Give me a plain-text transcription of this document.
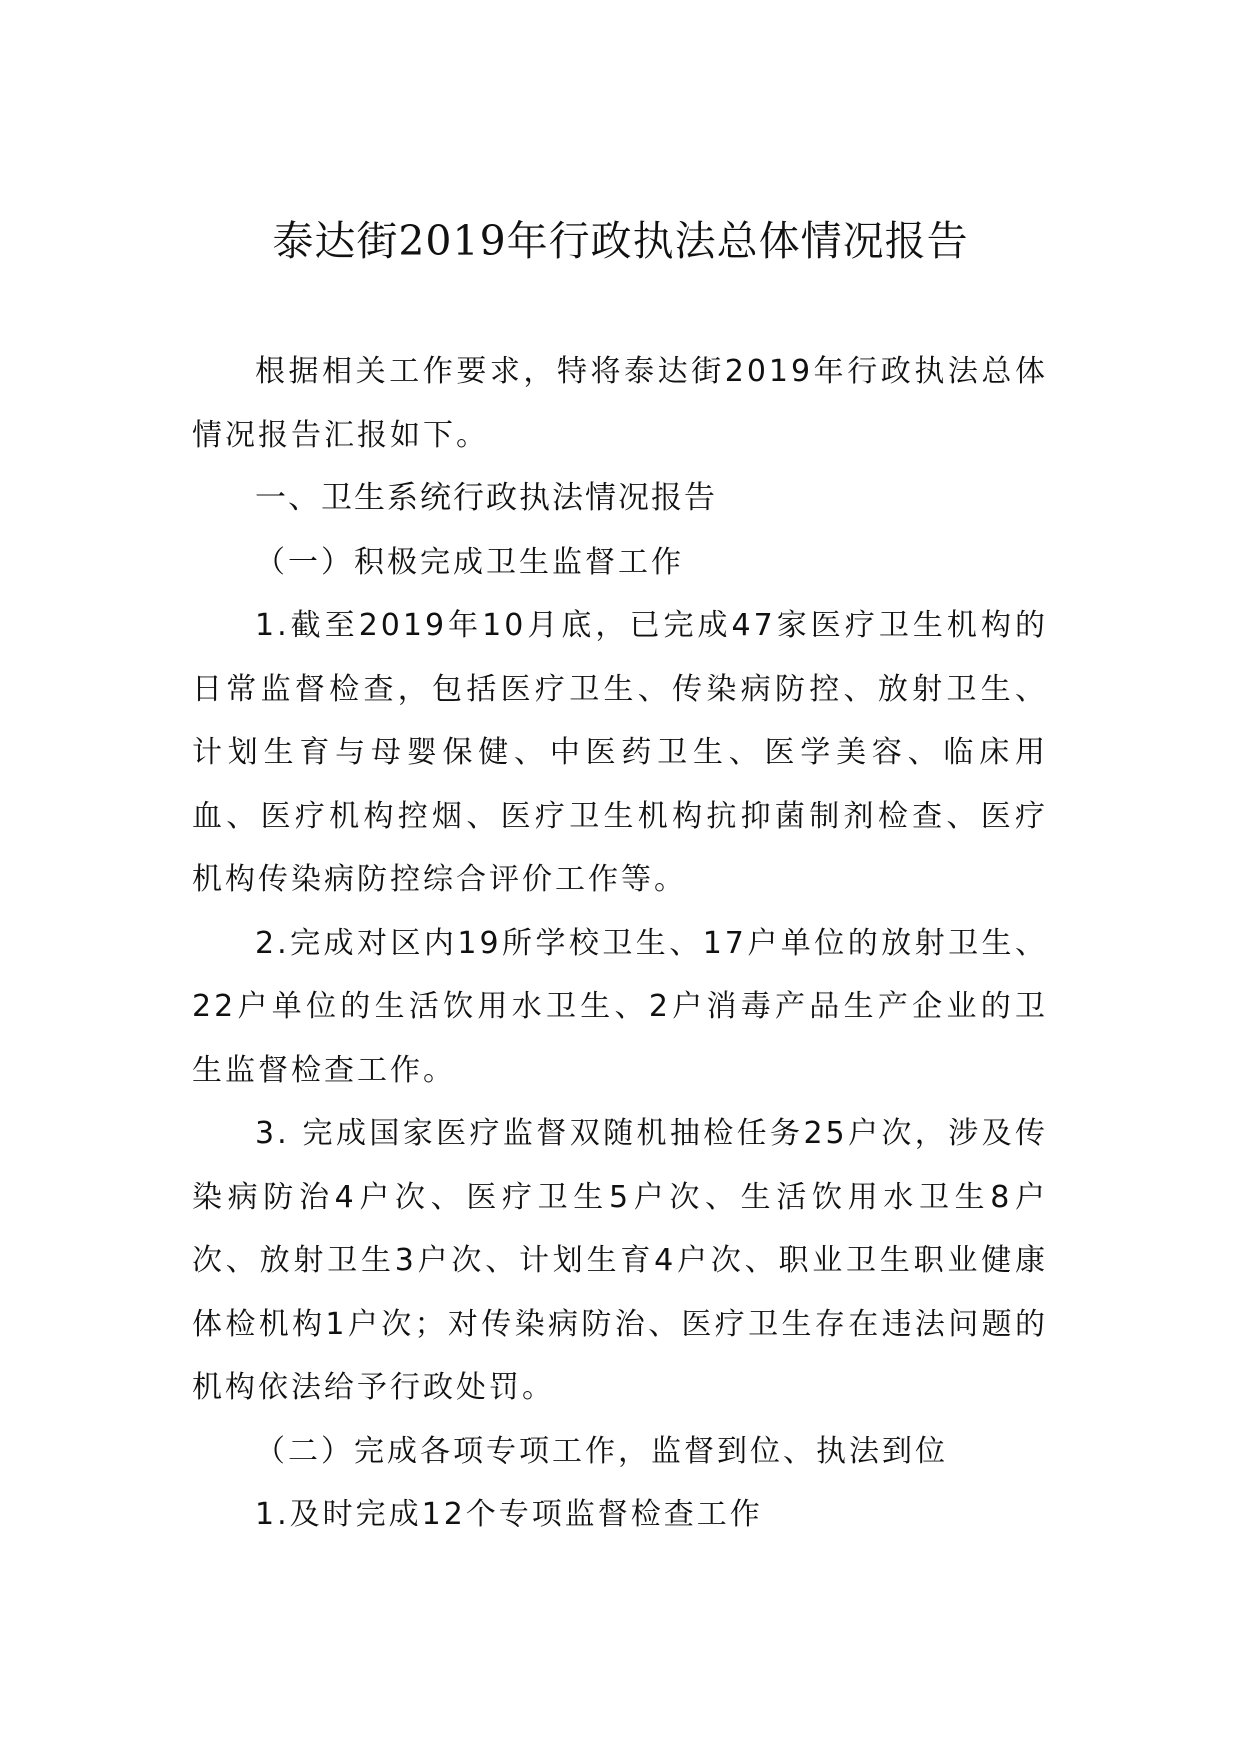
泰达街2019年行政执法总体情况报告

根据相关工作要求，特将泰达街2019年行政执法总体情况报告汇报如下。

一、卫生系统行政执法情况报告

（一）积极完成卫生监督工作

1.截至2019年10月底，已完成47家医疗卫生机构的日常监督检查，包括医疗卫生、传染病防控、放射卫生、计划生育与母婴保健、中医药卫生、医学美容、临床用血、医疗机构控烟、医疗卫生机构抗抑菌制剂检查、医疗机构传染病防控综合评价工作等。

2.完成对区内19所学校卫生、17户单位的放射卫生、22户单位的生活饮用水卫生、2户消毒产品生产企业的卫生监督检查工作。

3. 完成国家医疗监督双随机抽检任务25户次，涉及传染病防治4户次、医疗卫生5户次、生活饮用水卫生8户次、放射卫生3户次、计划生育4户次、职业卫生职业健康体检机构1户次；对传染病防治、医疗卫生存在违法问题的机构依法给予行政处罚。

（二）完成各项专项工作，监督到位、执法到位

1.及时完成12个专项监督检查工作
